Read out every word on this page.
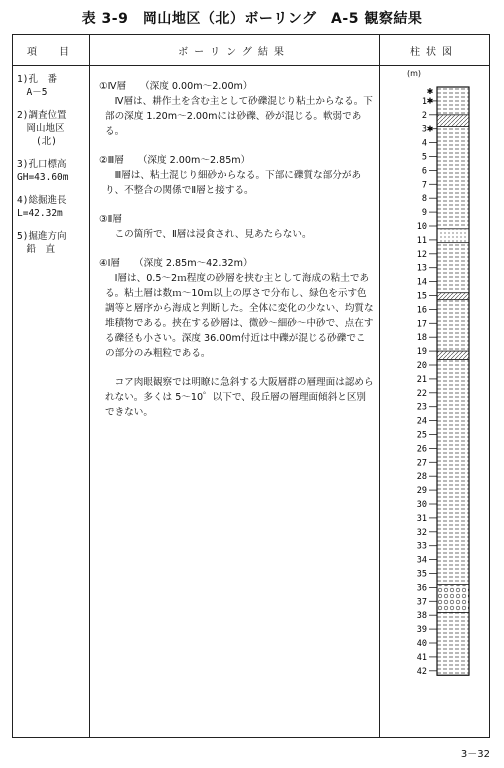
表 3-9　岡山地区（北）ボーリング　A-5 観察結果
項　目	ボーリング結果	柱状図
1)孔　番
　A－5
2)調査位置
　岡山地区
　　(北)
3)孔口標高
GH=43.60m
4)総掘進長
L=42.32m
5)掘進方向
　鉛　直
①Ⅳ層 （深度 0.00m～2.00m）
Ⅳ層は、耕作土を含む主として砂礫混じり粘土からなる。下部の深度 1.20m～2.00mには砂礫、砂が混じる。軟弱である。
②Ⅲ層 （深度 2.00m～2.85m）
Ⅲ層は、粘土混じり細砂からなる。下部に礫質な部分があり、不整合の関係でⅡ層と接する。
③Ⅱ層
この箇所で、Ⅱ層は浸食され、見あたらない。
④Ⅰ層 （深度 2.85m～42.32m）
Ⅰ層は、0.5～2ｍ程度の砂層を挟む主として海成の粘土である。粘土層は数ｍ～10ｍ以上の厚さで分布し、緑色を示す色調等と層序から海成と判断した。全体に変化の少ない、均質な堆積物である。挟在する砂層は、微砂～細砂～中砂で、点在する礫径も小さい。深度 36.00m付近は中礫が混じる砂礫でこの部分のみ粗粒である。
コア肉眼観察では明瞭に急斜する大阪層群の層理面は認められない。多くは 5～10゜以下で、段丘層の層理面傾斜と区別できない。
(m)
1
2
3
4
5
6
7
8
9
10
11
12
13
14
15
16
17
18
19
20
21
22
23
24
25
26
27
28
29
30
31
32
33
34
35
36
37
38
39
40
41
42
✱
✱
✱
3－32
